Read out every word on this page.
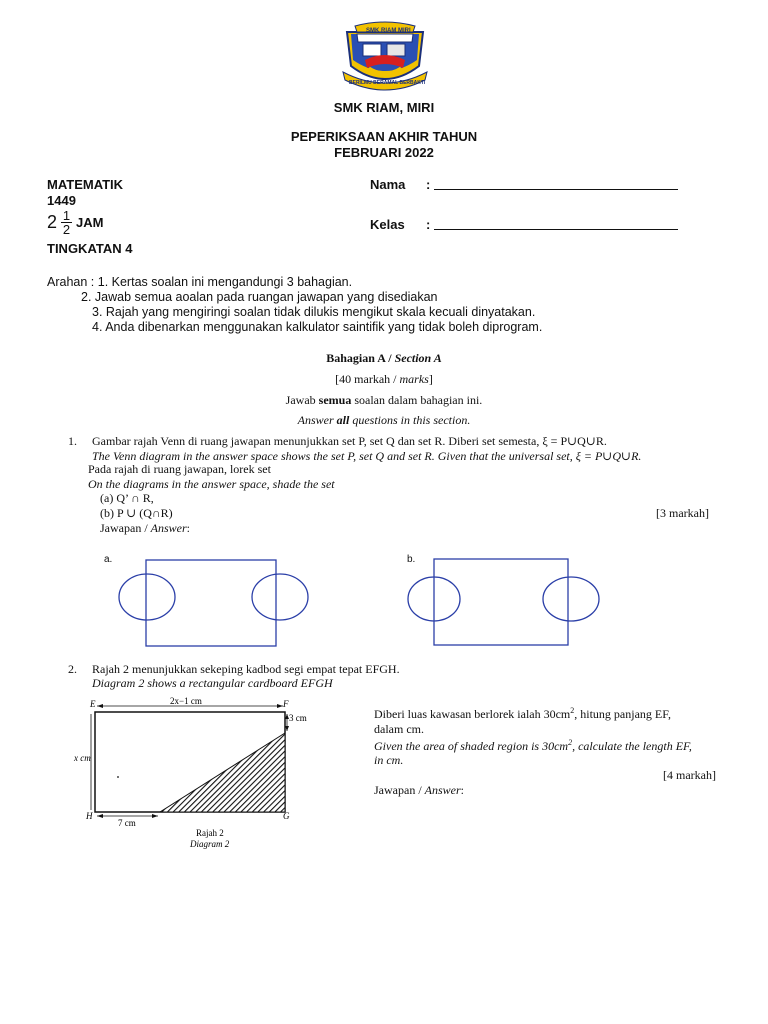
SMK RIAM MIRI
BERILMU BERAMAL BERBAKTI
SMK RIAM, MIRI
PEPERIKSAAN AKHIR TAHUN
FEBRUARI 2022
MATEMATIK
1449
$2 \frac{1}{2}$ JAM
TINGKATAN 4
Nama :
Kelas :
Arahan : 1. Kertas soalan ini mengandungi 3 bahagian.
2. Jawab semua aoalan pada ruangan jawapan yang disediakan
3. Rajah yang mengiringi soalan tidak dilukis mengikut skala kecuali dinyatakan.
4. Anda dibenarkan menggunakan kalkulator saintifik yang tidak boleh diprogram.
Bahagian A / Section A
[40 markah / marks]
Jawab semua soalan dalam bahagian ini.
Answer all questions in this section.
1. Gambar rajah Venn di ruang jawapan menunjukkan set P, set Q dan set R. Diberi set semesta, ξ = P∪Q∪R.
The Venn diagram in the answer space shows the set P, set Q and set R. Given that the universal set, ξ = P∪Q∪R.
Pada rajah di ruang jawapan, lorek set
On the diagrams in the answer space, shade the set
(a) Q’ ∩ R,
(b) P ∪ (Q∩R)	[3 markah]
Jawapan / Answer:
a.	b.
2. Rajah 2 menunjukkan sekeping kadbod segi empat tepat EFGH.
Diagram 2 shows a rectangular cardboard EFGH
E	F
G
H
2x−1 cm
3 cm
x cm
7 cm
Rajah 2
Diagram 2
Diberi luas kawasan berlorek ialah $30cm^2$, hitung panjang EF,
dalam cm.
Given the area of shaded region is $30cm^2$, calculate the length EF,
in cm.
[4 markah]
Jawapan / Answer:
